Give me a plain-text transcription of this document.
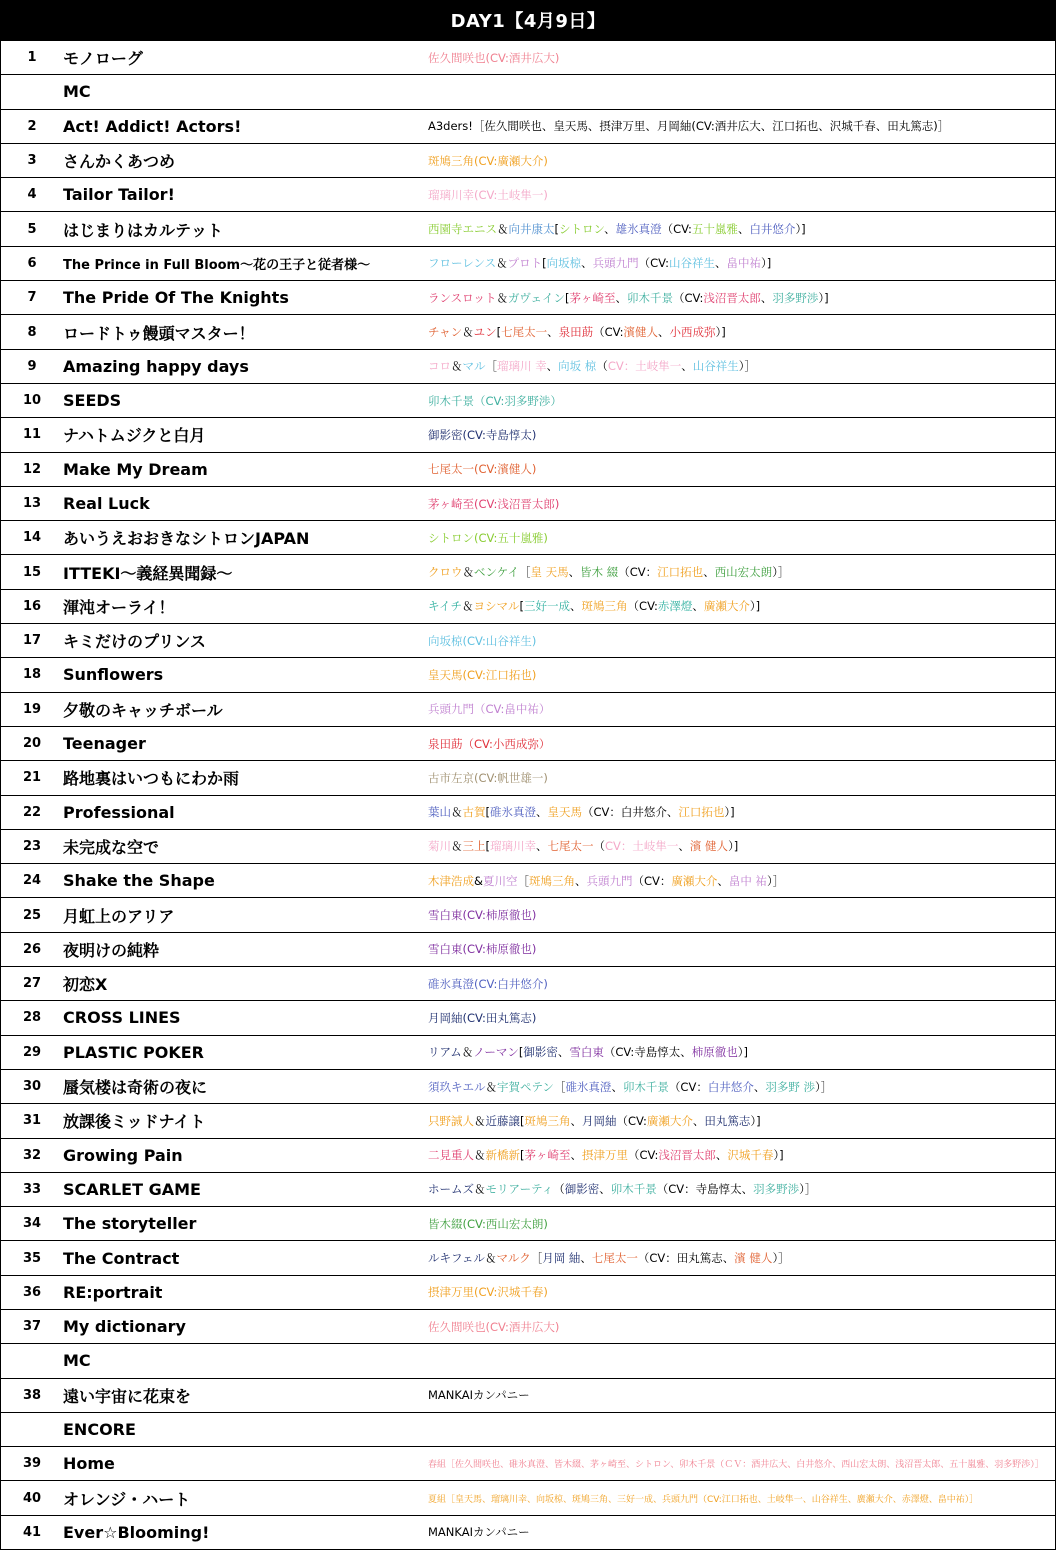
DAY1【4月9日】
1	モノローグ	佐久間咲也(CV:酒井広大)
	MC	
2	Act! Addict! Actors!	A3ders!［佐久間咲也、皇天馬、摂津万里、月岡紬(CV:酒井広大、江口拓也、沢城千春、田丸篤志)］
3	さんかくあつめ	斑鳩三角(CV:廣瀬大介)
4	Tailor Tailor!	瑠璃川幸(CV:土岐隼一)
5	はじまりはカルテット	西園寺エニス＆向井康太[シトロン、雄氷真澄（CV:五十嵐雅、白井悠介）]
6	The Prince in Full Bloom～花の王子と従者様～	フローレンス＆プロト[向坂椋、兵頭九門（CV:山谷祥生、畠中祐）]
7	The Pride Of The Knights	ランスロット＆ガヴェイン[茅ヶ崎至、卯木千景（CV:浅沼晋太郎、羽多野渉）]
8	ロードトゥ饅頭マスター！	チャン＆ユン[七尾太一、泉田莇（CV:濱健人、小西成弥）]
9	Amazing happy days	コロ＆マル［瑠璃川 幸、向坂 椋（CV：土岐隼一、山谷祥生）］
10	SEEDS	卯木千景（CV:羽多野渉）
11	ナハトムジクと白月	御影密(CV:寺島惇太)
12	Make My Dream	七尾太一(CV:濱健人)
13	Real Luck	茅ヶ崎至(CV:浅沼晋太郎)
14	あいうえおおきなシトロンJAPAN	シトロン(CV:五十嵐雅)
15	ITTEKI～義経異聞録～	クロウ＆ベンケイ［皇 天馬、皆木 綴（CV：江口拓也、西山宏太朗）］
16	渾沌オーライ！	キイチ＆ヨシマル[三好一成、斑鳩三角（CV:赤澤燈、廣瀬大介）]
17	キミだけのプリンス	向坂椋(CV:山谷祥生)
18	Sunflowers	皇天馬(CV:江口拓也)
19	夕敬のキャッチボール	兵頭九門（CV:畠中祐）
20	Teenager	泉田莇（CV:小西成弥）
21	路地裏はいつもにわか雨	古市左京(CV:帆世雄一)
22	Professional	葉山＆古賀[碓氷真澄、皇天馬（CV：白井悠介、江口拓也）]
23	未完成な空で	菊川＆三上[瑠璃川幸、七尾太一（CV：土岐隼一、濱 健人）]
24	Shake the Shape	木津浩成&夏川空［斑鳩三角、兵頭九門（CV：廣瀬大介、畠中 祐）］
25	月虹上のアリア	雪白東(CV:柿原徹也)
26	夜明けの純粋	雪白東(CV:柿原徹也)
27	初恋X	碓氷真澄(CV:白井悠介)
28	CROSS LINES	月岡紬(CV:田丸篤志)
29	PLASTIC POKER	リアム＆ノーマン[御影密、雪白東（CV:寺島惇太、柿原徹也）]
30	蜃気楼は奇術の夜に	須玖キエル＆宇賀ペテン［碓氷真澄、卯木千景（CV：白井悠介、羽多野 渉）］
31	放課後ミッドナイト	只野誠人＆近藤譲[斑鳩三角、月岡紬（CV:廣瀬大介、田丸篤志）]
32	Growing Pain	二見重人＆新橋新[茅ヶ崎至、摂津万里（CV:浅沼晋太郎、沢城千春）]
33	SCARLET GAME	ホームズ＆モリアーティ（御影密、卯木千景（CV：寺島惇太、羽多野渉）］
34	The storyteller	皆木綴(CV:西山宏太朗)
35	The Contract	ルキフェル＆マルク［月岡 紬、七尾太一（CV：田丸篤志、濱 健人）］
36	RE:portrait	摂津万里(CV:沢城千春)
37	My dictionary	佐久間咲也(CV:酒井広大)
	MC	
38	遠い宇宙に花束を	MANKAIカンパニー
	ENCORE	
39	Home	春組［佐久間咲也、碓氷真澄、皆木綴、茅ヶ崎至、シトロン、卯木千景（ＣＶ：酒井広大、白井悠介、西山宏太朗、浅沼晋太郎、五十嵐雅、羽多野渉）］
40	オレンジ・ハート	夏組［皇天馬、瑠璃川幸、向坂椋、斑鳩三角、三好一成、兵頭九門（CV:江口拓也、土岐隼一、山谷祥生、廣瀬大介、赤澤燈、畠中祐）］
41	Ever☆Blooming!	MANKAIカンパニー
